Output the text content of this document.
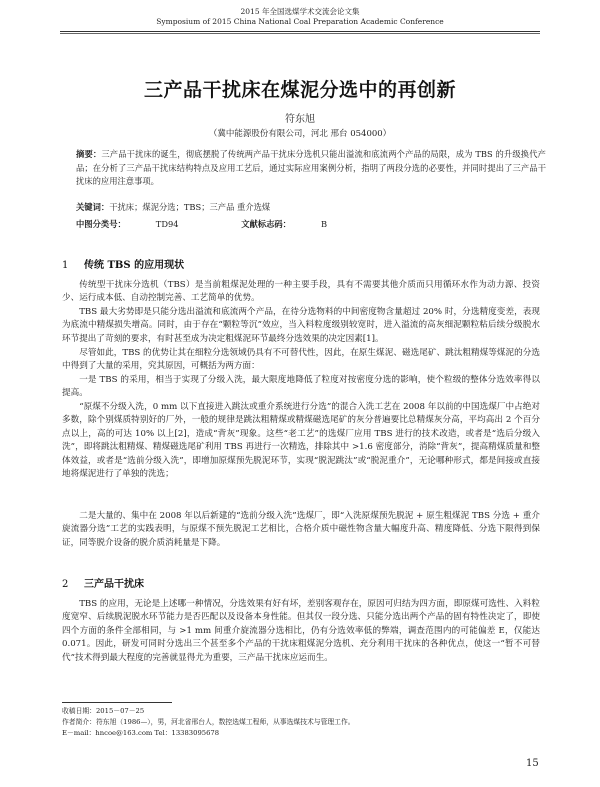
2015 年全国选煤学术交流会论文集
Symposium of 2015 China National Coal Preparation Academic Conference
三产品干扰床在煤泥分选中的再创新
符东旭
（冀中能源股份有限公司，河北 邢台 054000）
摘要：三产品干扰床的诞生，彻底摆脱了传统两产品干扰床分选机只能出溢流和底流两个产品的局限，成为 TBS 的升级换代产品；在分析了三产品干扰床结构特点及应用工艺后，通过实际应用案例分析，指明了两段分选的必要性，并同时提出了三产品干扰床的应用注意事项。
关键词：干扰床；煤泥分选；TBS；三产品 重介选煤
中图分类号：	TD94	文献标志码：	B
1 传统 TBS 的应用现状
传统型干扰床分选机（TBS）是当前粗煤泥处理的一种主要手段，具有不需要其他介质而只用循环水作为动力源、投资少、运行成本低、自动控制完善、工艺简单的优势。
TBS 最大劣势即是只能分选出溢流和底流两个产品，在待分选物料的中间密度物含量超过 20% 时，分选精度变差，表现为底流中精煤损失增高。同时，由于存在“颗粒等沉”效应，当入料粒度级别较宽时，进入溢流的高灰细泥颗粒粘后续分级脱水环节提出了苛刻的要求，有时甚至成为决定粗煤泥环节最终分选效果的决定因素[1]。
尽管如此，TBS 的优势让其在细粒分选领域仍具有不可替代性，因此，在原生煤泥、磁选尾矿、跳汰粗精煤等煤泥的分选中得到了大量的采用，究其原因，可概括为两方面：
一是 TBS 的采用，相当于实现了分级入洗，最大限度地降低了粒度对按密度分选的影响，使个粒级的整体分选效率得以提高。
“原煤不分级入洗，0 mm 以下直接进入跳汰或重介系统进行分选”的混合入洗工艺在 2008 年以前的中国选煤厂中占绝对多数，除个别煤质特别好的厂外，一般的规律是跳汰粗精煤或精煤磁选尾矿的灰分普遍要比总精煤灰分高，平均高出 2 个百分点以上，高的可达 10% 以上[2]，造成“背灰”现象。这些“老工艺”的选煤厂应用 TBS 进行的技术改造，或者是“选后分级入洗”，即将跳汰粗精煤、精煤磁选尾矿利用 TBS 再进行一次精选，排除其中 >1.6 密度部分，消除“背灰”，提高精煤质量和整体效益，或者是“选前分级入洗”，即增加原煤预先脱泥环节，实现“脱泥跳汰”或“脱泥重介”，无论哪种形式，都是间接或直接地将煤泥进行了单独的洗选；
二是大量的、集中在 2008 年以后新建的“选前分级入洗”选煤厂，即“入洗原煤预先脱泥 + 原生粗煤泥 TBS 分选 + 重介旋流器分选”工艺的实践表明，与原煤不预先脱泥工艺相比，合格介质中磁性物含量大幅度升高、精度降低、分选下限得到保证，同等脱介设备的脱介质消耗量是下降。
2 三产品干扰床
TBS 的应用，无论是上述哪一种情况，分选效果有好有坏，差别客观存在，原因可归结为四方面，即原煤可选性、入料粒度宽窄、后续脱泥脱水环节能力是否匹配以及设备本身性能。但其仅一段分选、只能分选出两个产品的固有特性决定了，即使四个方面的条件全部相同，与 >1 mm 间重介旋流器分选相比，仍有分选效率低的弊端，调查范围内的可能偏差 E，仅能达 0.071。因此，研发可同时分选出三个甚至多个产品的干扰床粗煤泥分选机、充分利用干扰床的各种优点，使这一“暂不可替代”技术得到最大程度的完善就显得尤为重要，三产品干扰床应运而生。
收稿日期：2015－07－25
作者简介：符东旭（1986—），男，河北省邢台人，数控选煤工程师，从事选煤技术与管理工作。
E－mail：hncoe@163.com Tel：13383095678
15
